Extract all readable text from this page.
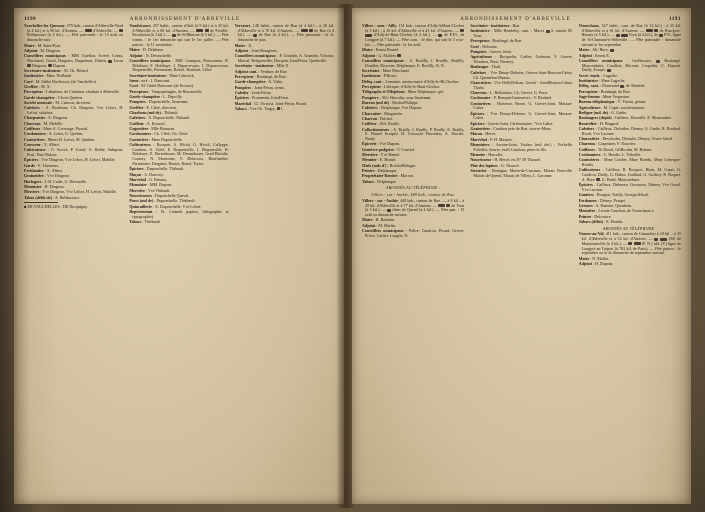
1190	ARRONDISSEMENT D'ABBEVILLE

Vauchelles-lez-Quesnoy, 575 hab., canton d'Abbeville-Nord (à 4 kil.) et à 58 kil. d'Amiens. —  d'Abbeville. —  Bellancourt (à 2 kil.). — Fête patronale : le 15 août ou dimanche suiv.

Maire : M. Saint-Pynt.

Adjoint : M. Dingeon.

Conseillers municipaux : MM. Guérlon, Scrivé, Cornu, Marchand, Grisel, Dargnies, Duquénois, Duhen,  Lucas  Dingeon,  Dupont.

Secrétaire-instituteur : M. Ch. Hérard.

Institutrice : Mme Thiébault.

Curé : M. l'abbé Duchossoy (de Vauchelles).

Greffier : M. X.

Percepteur : Labatteux, de Cambron, résidant à Abbeville.

Garde-champêtre : Clovis Quehen.

Société musicale : M. Canocat, directeur.

Cafetiers : A. Boulenne, Ch. Dingeon, Vve Lefort, H. Lefort, salutiste.

Charpentier : E. Dingeon.

Charrons : M. Mobille.

Coiffeurs : Mme A. Cornouge, Piroual.

Cordonniers : A. Leleu, G. Quehen.

Couturières : Mmes H. Lefort, M. Quehen.

Couvreur : X. Albert.

Cultivateurs : G. Scrivé, P. Grisel, G. Bréhé, Subipont, Poul, Paul Walose.

Épiciers : Vve Dingeon, Vve Lefort, H. Lefort, Mabille.

Garde : E. Lheureux.

Ferblantier : X. Albert.

Grainetière : Vve Dingeon.

Horlogers : J.-B. Cadet, G. Dermaille.

Menuisier : H. Dingeon.

Merciers : Vve Dingeon, Vve Lefort, H. Lefort, Mabille.

Tabac (débit de) : A. Bellancourt.

■ DE VAUCHELLES : DE Rocquigny.

Vaudricourt, 257 habit., canton d'Ault (à 9 kil.) et à 35 kil. d'Abbeville et à 69 kil. d'Amiens. —	de Friville-Escarbotin (à 3 kil.). —  de St-Blimont (à 5 kil.). — Fête comm. : le 1er dimanche qui suit le 1er juillet. — Fête patron. : le 11 novembre.

Maire : D. Delahaye.

Adjoint : N. Devauchelle.

Conseillers municipaux : MM. Crampon, Poissonnier, H. Delahaye, F. Delahaye, J. Deparcevaux, J. Deparcevaux, Dequenville, Permentier, Bichel, Bonfinet, Cléré.

Secrétaire-instituteur : Mme Caborick.

Sœur, curé : J. Dancourt.

Curé : M. l'abbé Dancourt (de Ercourt).

Percepteur : Vanpoperinghe, de Bourseville.

Garde-champêtre : L. Depoilly.

Pompiers : Duponchelle, lieutenant.

Greffier : E. Cléré, directeur.

Charbons (md de) : Thibault.

Cafetiers : X. Duponchelle, Thibault.

Coiffeur : A. Roussel.

Cognetière : Mlle Brantont.

Cordonniers : Ch. Cléré, Ch. Cléré.

Couturière : Mme Duponchelle.

Cultivateurs : Bocquet, A. Hiciol, G. Hiciol, Callyppe, Caudron, A. Cléré, E. Duquenville, J. Dequenville, H. Delahaye, E. Deramboure, M. Deramboure, Grad-Blondie, Courtay, N. Monsoine, V. Delacroix, Bonfinetber, Parmentier, Dargnies, Boutin, Ronel, Turier.

Épiciers : Duponchelle, Thibault.

Maçon : A. Doncroy.

Maréchal : G. Renaux.

Menuisier : MM. Dupont.

Mercière : Vve Thibault.

Nourrisseurs : Duponchelle Queval.

Porcs (md de) : Duponchelle, Thiébault.

Quincaillerie : X. Duponchelle, Vve Lefort.

Représentant : Et. Caimels papiers, lithographie et typographie).

Tabacs : Thiébault

Vercourt, 148 habit., canton de Rue (à 4 kil.) ; à 26 kil. d'Abbeville et à 70 kil. d'Amiens. —	de Rue (à 4 kil.). —  de Rue (à 4 kil.). — Fête patronale : le 2e dimanche de juin.

Maire : X.

Adjoint : Joint-Bourgeois.

Conseillers municipaux : P. Grandin, A. Grandin, Victoria, Marval, Belquenville, Dacquin, JointFéron, Queluville.

Secrétaire - instituteur : Mlle X.

Adjoint cant. : Verdure, de Rue.

Percepteur : Boulangé, de Rue.

Garde-champêtre : A. Vitha.

Pompiers : Joint-Féron, avant.

Cafetier : Joint-Féron.

Épiciers : Fromentin, JointFéron.

Maréchal : Cl. Victoria, Joint-Féron, Picard.

Tabacs : Vve Ch. Tingry,  1.

ARRONDISSEMENT D'ABBEVILLE	1191

Villers - sous - Ailly, 151 hab., canton d'Ailly-leHaut-Clocher (à 3 kil.) ; à 16 kil. d'Abbeville et à 41 kil. d'Amiens. —   d'Ailly-le-Haut-Clocher (à 3 kil.). —  de P.P.I., de Longpré (à 7 kil.). — Fête com. : le dim. qui suit le 3 octobre. — Fête patronale : le 1er août.

Maire : Ernest Brunel.

Adjoint : G. Malifex .

Conseillers municipaux : A. Braillly, J. Braillly, Braillly, Douillet, Riewene, Delplanque, E. Braillly, N, N.

Secrétaire : Mme Marchand.

Instituteur : P.Riciot.

Dèléq. cant. : Lemoine, ancien maire d'Ailly-le-Ht.Clocher.

Percepteur : Lebrique, d'Ailly-le-Haut-Clocher.

Télégraphe et Téléphone : Mme Delplanque, gér.

Pompiers : Alfr. Harcolin, sous-lieutenant.

Bureau (md de) : BrichetPhilippe.

Cafetiers : Delplanque, Vve Dupont.

Charcutier : Marguerite.

Charron : Brichot.

Coiffeur : Alfr. Brailly.

Collectionneurs : A. Brailly, J. Brailly, P. Brailly, E. Brailly, E. Brunel Scotpril, H. Gossar,br Havonbis, A. Naroke, Nanty.

Épicerie : Vve Dupont.

Genièvre podgetre : V. Constol.

Mercière : Vve Hamel.

Meunier : E. Brunel.

Œufs (mds d') : BrichotPhilippe.

Peintre : Delplanque.

Propriétaire-Rentier : Macron.

Tabacs : Delplanque.

ABONNÉS AU TÉLÉPHONE :
Villers - sur - Authie, 449 hab., canton de Rue.

Villers - sur - Authie, 449 hab., canton de Rue. — à 9 kil. ; à 29 kil. d'Abbeville et à 77 kil. d'Amiens. —	de Vron (à 3 kil.). —  idem de Quend (à 4 kil.). — Fête patr. : 15 août ou dimanche suivant.

Maire : H. Boulenn.

Adjoint : M. Merlin.

Conseillers municipaux : Poltre, Caudron, Picard, Grevet, Privet, Carlier, Longlet, N.

Secrétaire - instituteur : Bon.

Institutrice : Mlle Hendeley, cant. : Macet  à, ancien M. Vron.

Percepteur : Boulangé, de Rue.

Curé : Delsorne.

Pompiers : Grevet, ferist.

Agriculteurs : Bocquelin, Carlier, Grémont, V. Grevet, Wondrou, Petit, Thourey.

Boulanger : Thuil.

Cafetiers : Vve Denay-Dehaise, Grevet-Joint-Boisson-Cabot, Ch. Queméton-Dumas.

Charcutiers : Vve DeflyDelisse, Grevet - JointMouton-Cabot, Thuist.

Charrons : L. Bellondois, Ch. Grevet, G. Prast.

Cordonnier : P. HompierGasteraivre ; V. Boulard.

Couturières : Hortense, Bosse, G. Grevet-Joint, Masson-Cabot.

Épiciers : Vve Douay-Defosse, G. Grevet-Joint, Masson-Cabot.

Epiciers : Grevet-Joint, Cérémoniaire : Vve Cabot.

Grainetiers : Caudron près de Rue, ouvres-Mons.

Macon : Hervé.

Maréchal : P. H. Masson.

Menuisiers : Avoine-Joint, Vachez (md det.) : Porbelle, Foloilles, bravre, end's Caudron, pères et fils.

Meunier : Harcolin.

Nourrisseur : H. Hervé, est N° 58 Thourel.

Pâte des lapines : G. Thourel.

Serrurier : Bretagne, Marin-de-Cassinns, Marais Noirville, Marais de Quend, Marais de Villers, L. Garonne.

Vironchaux, 527 habit., cant. de Rue (à 12 kil.) ; à 25 kil. d'Abbeville et à 61 kil. d'Amiens. —	de Rue/gros-Bernay (à 5 kil.). —	Vron (à 4 kil.), de  P.N., ligne de St-Chamant-à-Abbeville. — Fête patronale : dimanche suivant le 1er septembre.

Maire : Alf. Hure, .

Adjoint : Ernest E.

Conseillers municipaux : Grellecourt,  Boulangé, Monconduite, Cauillart, Bécourt, Coquelin, C. Dupont, Dailly, Fouqet, .

Secré.-instit. : Lagache.

Institutrice : Mme Lagache.

Dèléq. cant. : Diauvrand , de Machiel,

Percepteur : Boulangé, de Rue.

Sage-femme : Mme Vergnorne.

Bureau téléphonique : V. Thorin, gérant.

Agriculteurs : M. Capet, souslieutenant.

Bedigue (md. de) : G. Garbe.

Boulangers (dépôt) : Cailleux, Dorseille, E. Monesmbre.

Bourrelier : H. Bingard.

Cafetiers : Cailleux, Delonbre, Dèmey, G. Garbe, R. Boulard, Hooft, Vve Lacome.

Charcutière : Deschodes, Déraulie, Dèmey, Veuve Gavel.

Charrons : Carpentier, F. Nourrier.

Coiffeurs : Th Duval, GilHordin, M. Bobant.

Cordonniers : C. Hoedts, L. Triboille.

Couturières : Mme Cordier, Mme Hoedts, Mme Lebergne-Hoedts.

Cultivateurs : Cailleux, R. Bocquet, Blain, M. Capet, G. Caudron, Dailly, G. Dubos, Guillard, G. Guffroy, R. Boquet, A. Hure , G. Hutel, Monconduite.

Épiciers : Cailleux, Delenore, Grosnoux, Dèmey, Vve Gavel, Vve Lacome.

Gantiers : Bougrat, Trailly, Georges/Hooft.

Ferdonnes : Dèmey, Pouqet.

Greuses : A. Dumiez, Queuboin.

Meunière : Léonie Cauchon, de Vironchaux a.

Peintre : Delcourre.

Tabacs (débit) : E. Hoedts.

ABONNÉS AU TÉLÉPHONE :

Vismes-au-Val, 411 hab., canton de Gamaches à 10 kil. ; à 35 kil. d'Abbeville et à 52 kil. d'Amiens. —	(M) de Martainneville (à 4 kil.). —	(P. N.) idd. (V) ligne de Longpré au Tréport (à 702 kil. de Paris). — Fête patron. : le septembre ou le 2e dimanche de septembre suivant.

Maire : N. Mallot.

Adjoint : H. Dupont.
